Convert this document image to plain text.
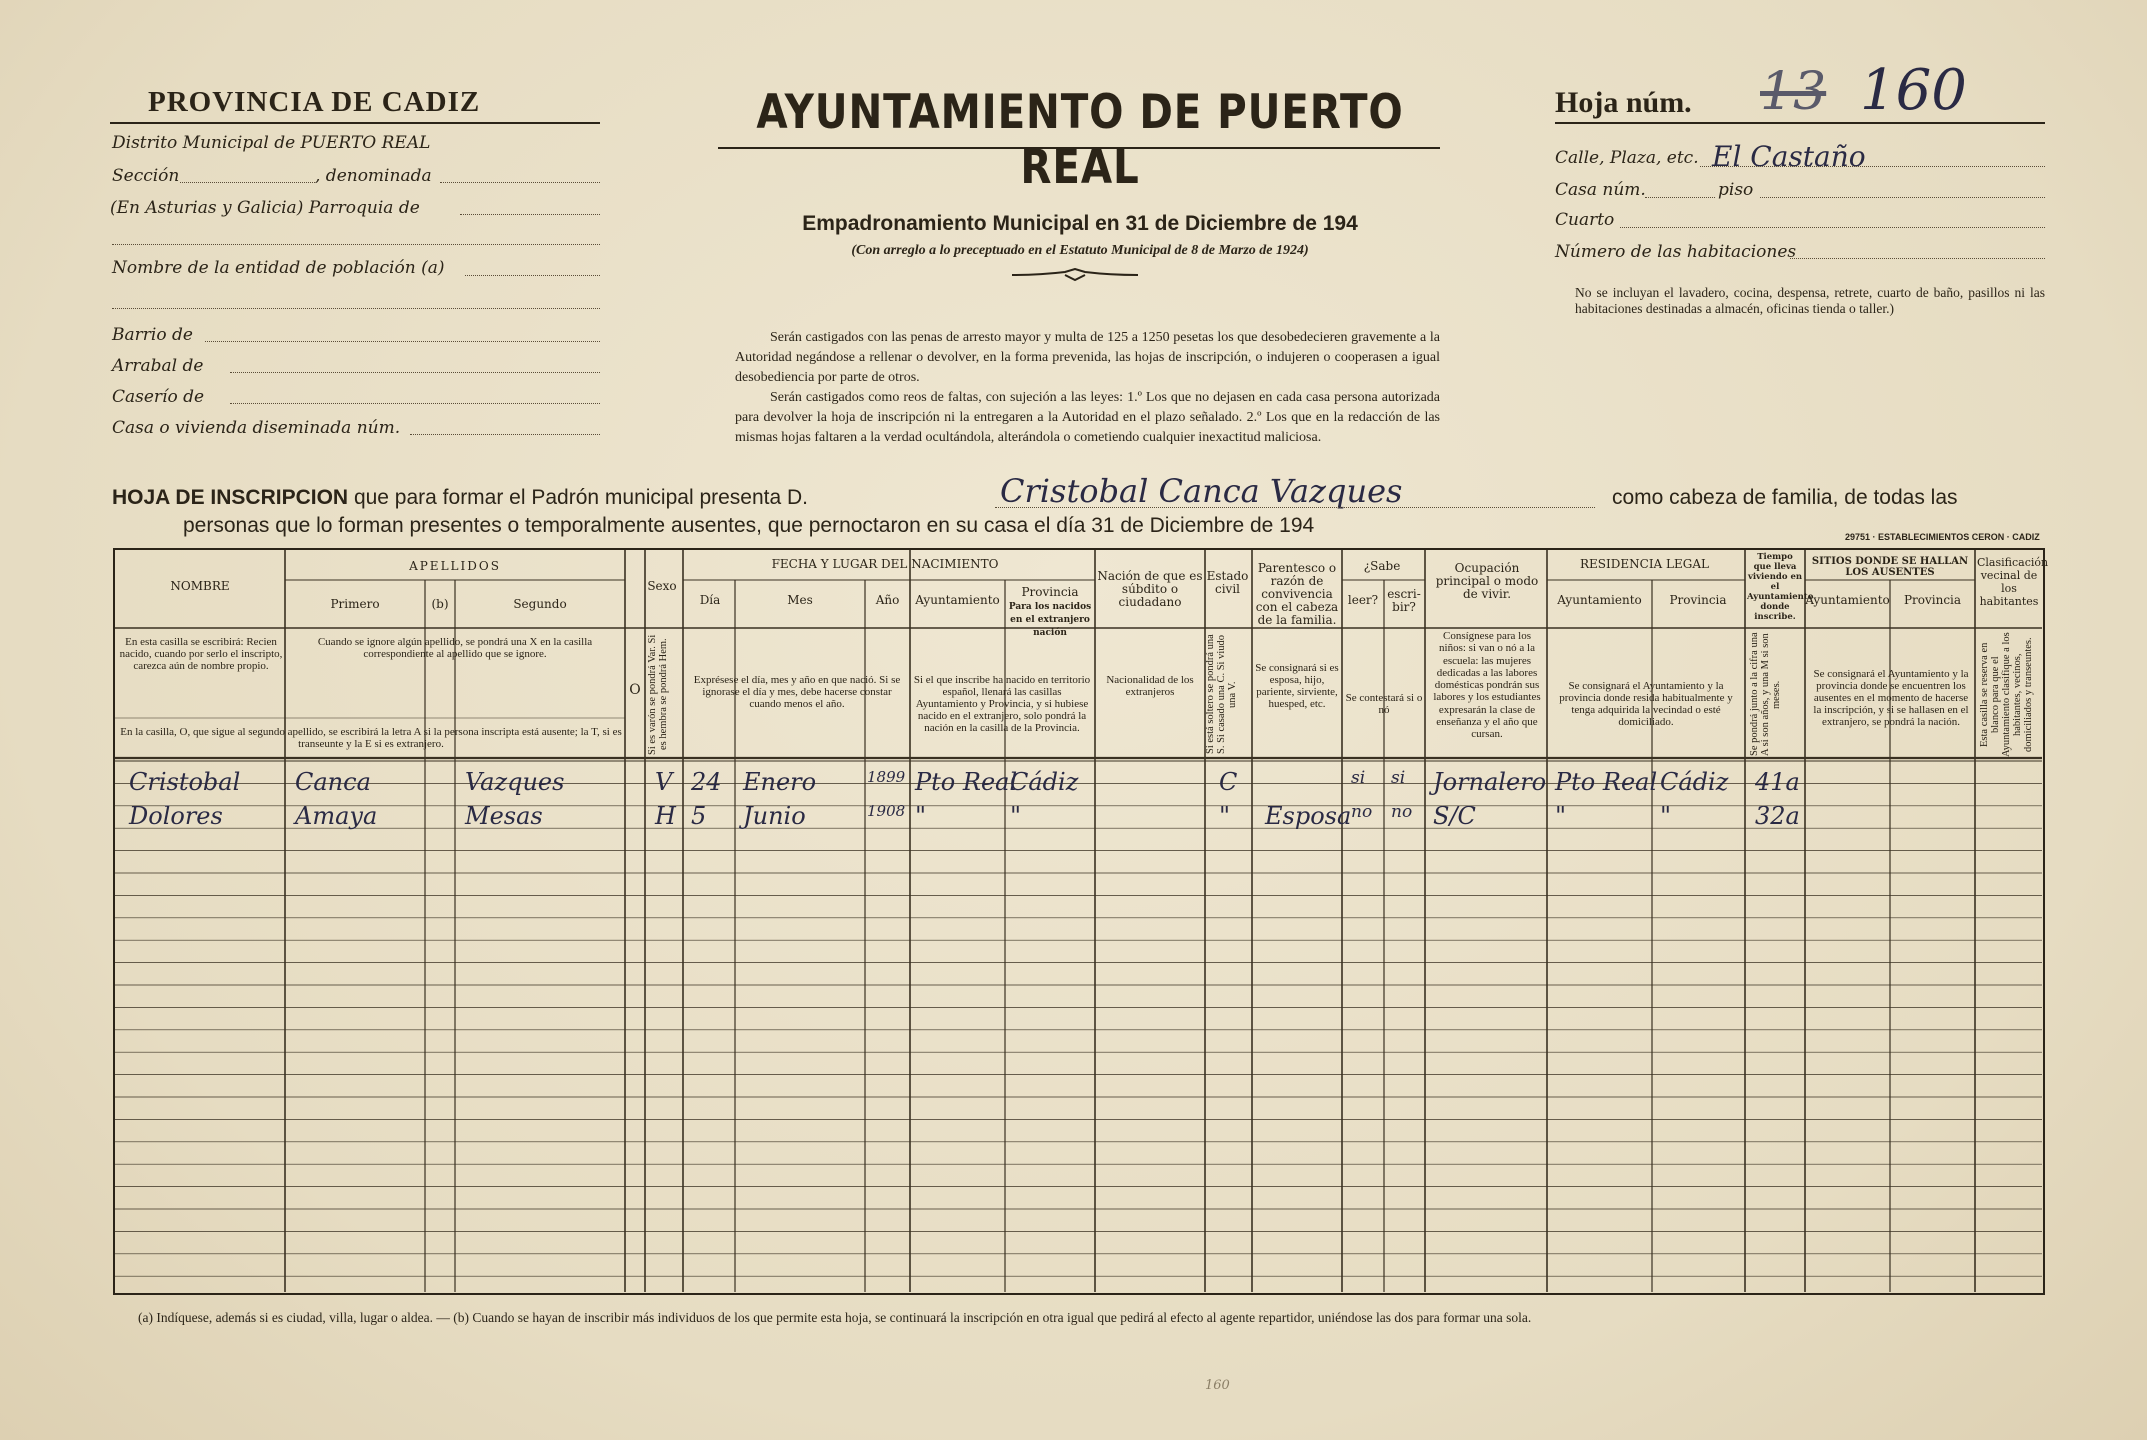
PROVINCIA DE CADIZ
Distrito Municipal de PUERTO REAL
Sección	, denominada
(En Asturias y Galicia) Parroquia de
Nombre de la entidad de población (a)
Barrio de
Arrabal de
Caserío de
Casa o vivienda diseminada núm.
AYUNTAMIENTO DE PUERTO REAL
Empadronamiento Municipal en 31 de Diciembre de 194
(Con arreglo a lo preceptuado en el Estatuto Municipal de 8 de Marzo de 1924)
Serán castigados con las penas de arresto mayor y multa de 125 a 1250 pesetas los que desobedecieren gravemente a la Autoridad negándose a rellenar o devolver, en la forma prevenida, las hojas de inscripción, o indujeren o cooperasen a igual desobediencia por parte de otros.
Serán castigados como reos de faltas, con sujeción a las leyes: 1.º Los que no dejasen en cada casa persona autorizada para devolver la hoja de inscripción ni la entregaren a la Autoridad en el plazo señalado. 2.º Los que en la redacción de las mismas hojas faltaren a la verdad ocultándola, alterándola o cometiendo cualquier inexactitud maliciosa.
Hoja núm. 13 160
Calle, Plaza, etc. El Castaño
Casa núm.	piso
Cuarto
Número de las habitaciones
No se incluyan el lavadero, cocina, despensa, retrete, cuarto de baño, pasillos ni las habitaciones destinadas a almacén, oficinas tienda o taller.)
HOJA DE INSCRIPCION que para formar el Padrón municipal presenta D.	Cristobal Canca Vazques	como cabeza de familia, de todas las
personas que lo forman presentes o temporalmente ausentes, que pernoctaron en su casa el día 31 de Diciembre de 194	29751 · ESTABLECIMIENTOS CERON · CADIZ
NOMBRE
APELLIDOS
Primero	(b)	Segundo
Sexo
FECHA Y LUGAR DEL NACIMIENTO
Día	Mes	Año	Ayuntamiento
Provincia
Para los nacidos en el extranjero nación
Nación de que es súbdito o ciudadano
Estado civil
Parentesco o razón de convivencia con el cabeza de la familia.
¿Sabe
leer? escri- bir?
Ocupación principal o modo de vivir.
RESIDENCIA LEGAL
Ayuntamiento	Provincia
Tiempo que lleva viviendo en el Ayuntamiento donde inscribe.
SITIOS DONDE SE HALLAN LOS AUSENTES
Ayuntamiento	Provincia
Clasificación vecinal de los habitantes
En esta casilla se escribirá: Recien nacido, cuando por serlo el inscripto, carezca aún de nombre propio.
Cuando se ignore algún apellido, se pondrá una X en la casilla correspondiente al apellido que se ignore.
En la casilla, O, que sigue al segundo apellido, se escribirá la letra A si la persona inscripta está ausente; la T, si es transeunte y la E si es extranjero.
O Si es varón se pondrá Var. Si es hembra se pondrá Hem.	Exprésese el día, mes y año en que nació. Si se ignorase el día y mes, debe hacerse constar cuando menos el año.
Si el que inscribe ha nacido en territorio español, llenará las casillas Ayuntamiento y Provincia, y si hubiese nacido en el extranjero, solo pondrá la nación en la casilla de la Provincia.
Nacionalidad de los extranjeros	Si está soltero se pondrá una S. Si casado una C. Si viudo una V.
Se consignará si es esposa, hijo, pariente, sirviente, huesped, etc.	Se contestará si o nó
Consígnese para los niños: si van o nó a la escuela: las mujeres dedicadas a las labores domésticas pondrán sus labores y los estudiantes expresarán la clase de enseñanza y el año que cursan.
Se consignará el Ayuntamiento y la provincia donde resida habitualmente y tenga adquirida la vecindad o esté domiciliado.	Se pondrá junto a la cifra una A si son años, y una M si son meses.
Se consignará el Ayuntamiento y la provincia donde se encuentren los ausentes en el momento de hacerse la inscripción, y si se hallasen en el extranjero, se pondrá la nación.	Esta casilla se reserva en blanco para que el Ayuntamiento clasifique a los habitantes, vecinos, domiciliados y transeuntes.
Cristobal Canca	Vazques	V 24 Enero	1899 Pto Real
Cádiz	C	si si Jornalero Pto Real Cádiz 41a
Dolores	Amaya	Mesas	H 5 Junio	1908 "	"	" Esposa no no S/C	"	"	32a
(a) Indíquese, además si es ciudad, villa, lugar o aldea. — (b) Cuando se hayan de inscribir más individuos de los que permite esta hoja, se continuará la inscripción en otra igual que pedirá al efecto al agente repartidor, uniéndose las dos para formar una sola.
160
